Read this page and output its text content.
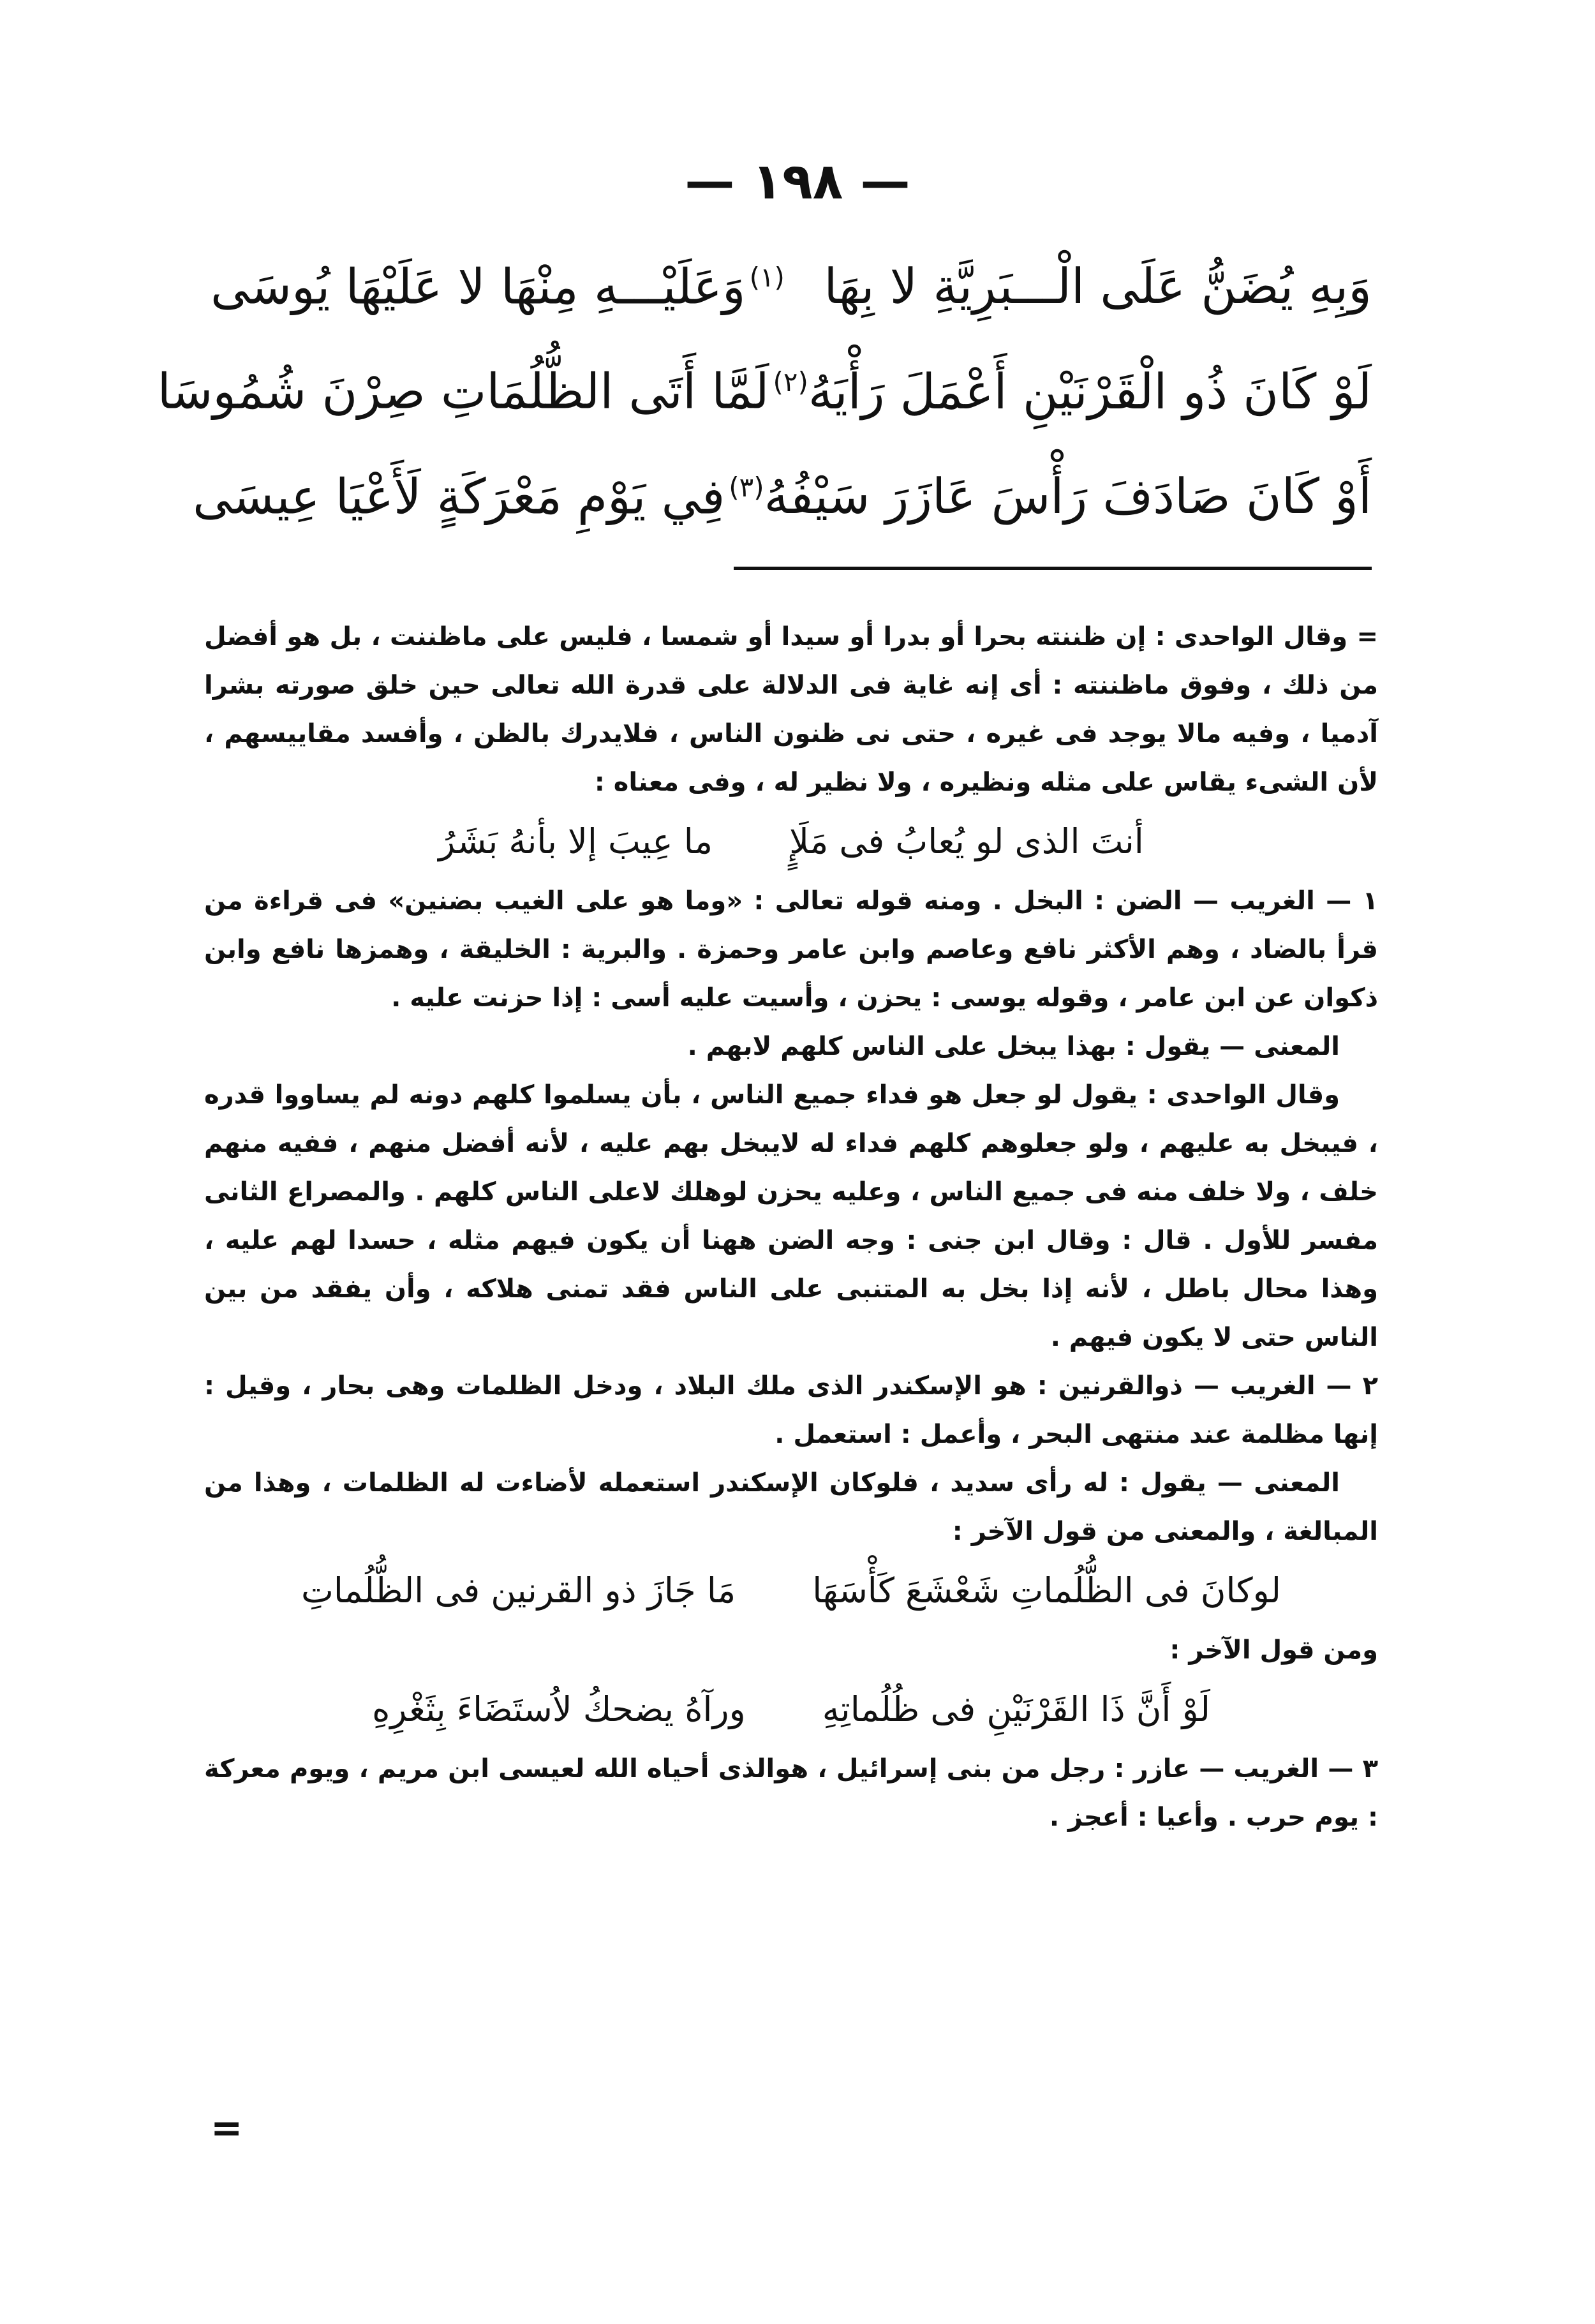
— ١٩٨ —
وَبِهِ يُضَنُّ عَلَى الْـــبَرِيَّةِ لا بِهَا
$^{(١)}$وَعَلَيْـــهِ مِنْهَا لا عَلَيْهَا يُوسَى
لَوْ كَانَ ذُو الْقَرْنَيْنِ أَعْمَلَ رَأْيَهُ
$^{(٢)}$لَمَّا أَتَى الظُّلُمَاتِ صِرْنَ شُمُوسَا
أَوْ كَانَ صَادَفَ رَأْسَ عَازَرَ سَيْفُهُ
$^{(٣)}$فِي يَوْمِ مَعْرَكَةٍ لَأَعْيَا عِيسَى

= وقال الواحدى : إن ظننته بحرا أو بدرا أو سيدا أو شمسا ، فليس على ماظننت ، بل هو أفضل من ذلك ، وفوق ماظننته : أى إنه غاية فى الدلالة على قدرة الله تعالى حين خلق صورته بشرا آدميا ، وفيه مالا يوجد فى غيره ، حتى نى ظنون الناس ، فلايدرك بالظن ، وأفسد مقاييسهم ، لأن الشىء يقاس على مثله ونظيره ، ولا نظير له ، وفى معناه :

أنتَ الذى لو يُعابُ فى مَلَإٍما عِيبَ إلا بأنهُ بَشَرُ

١ — الغريب — الضن : البخل . ومنه قوله تعالى : «وما هو على الغيب بضنين» فى قراءة من قرأ بالضاد ، وهم الأكثر نافع وعاصم وابن عامر وحمزة . والبرية : الخليقة ، وهمزها نافع وابن ذكوان عن ابن عامر ، وقوله يوسى : يحزن ، وأسيت عليه أسى : إذا حزنت عليه .

المعنى — يقول : بهذا يبخل على الناس كلهم لابهم .

وقال الواحدى : يقول لو جعل هو فداء جميع الناس ، بأن يسلموا كلهم دونه لم يساووا قدره ، فيبخل به عليهم ، ولو جعلوهم كلهم فداء له لايبخل بهم عليه ، لأنه أفضل منهم ، ففيه منهم خلف ، ولا خلف منه فى جميع الناس ، وعليه يحزن لوهلك لاعلى الناس كلهم . والمصراع الثانى مفسر للأول . قال : وقال ابن جنى : وجه الضن ههنا أن يكون فيهم مثله ، حسدا لهم عليه ، وهذا محال باطل ، لأنه إذا بخل به المتنبى على الناس فقد تمنى هلاكه ، وأن يفقد من بين الناس حتى لا يكون فيهم .

٢ — الغريب — ذوالقرنين : هو الإسكندر الذى ملك البلاد ، ودخل الظلمات وهى بحار ، وقيل : إنها مظلمة عند منتهى البحر ، وأعمل : استعمل .

المعنى — يقول : له رأى سديد ، فلوكان الإسكندر استعمله لأضاءت له الظلمات ، وهذا من المبالغة ، والمعنى من قول الآخر :

لوكانَ فى الظُّلُماتِ شَعْشَعَ كَأْسَهَامَا جَازَ ذو القرنين فى الظُّلُماتِ

ومن قول الآخر :

لَوْ أَنَّ ذَا القَرْنَيْنِ فى ظُلُماتِهِورآهُ يضحكُ لاُستَضَاءَ بِثَغْرِهِ

٣ — الغريب — عازر : رجل من بنى إسرائيل ، هوالذى أحياه الله لعيسى ابن مريم ، ويوم معركة : يوم حرب . وأعيا : أعجز .

=
